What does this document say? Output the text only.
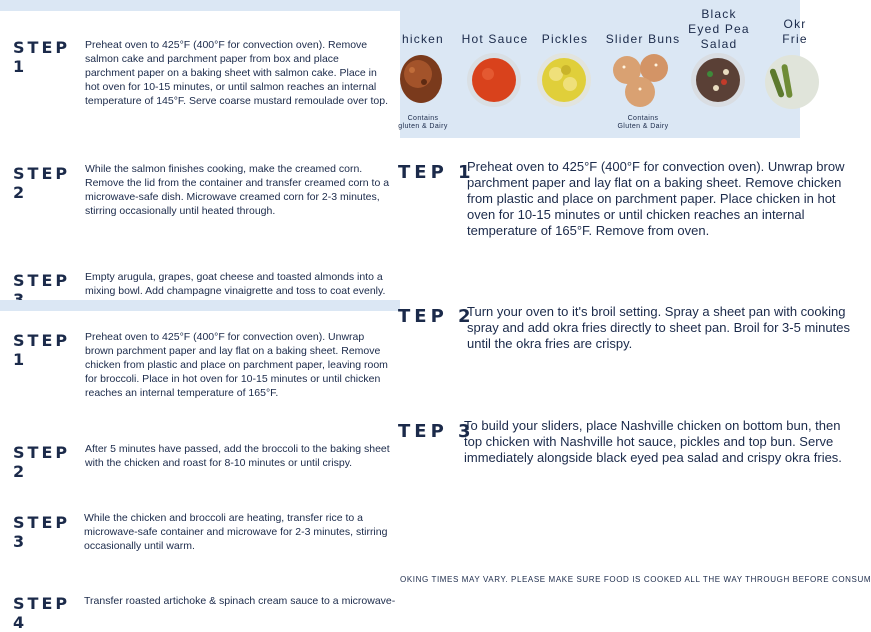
STEP 1
Preheat oven to 425°F (400°F for convection oven). Remove salmon cake and parchment paper from box and place parchment paper on a baking sheet with salmon cake. Place in hot oven for 10-15 minutes, or until salmon reaches an internal temperature of 145°F. Serve coarse mustard remoulade over top.
STEP 2
While the salmon finishes cooking, make the creamed corn. Remove the lid from the container and transfer creamed corn to a microwave-safe dish. Microwave creamed corn for 2-3 minutes, stirring occasionally until heated through.
STEP Empty arugula, grapes, goat cheese and toasted almonds into a mixing bowl. Add champagne vinaigrette and toss to coat evenly.
STEP 1
Preheat oven to 425°F (400°F for convection oven). Unwrap brown parchment paper and lay flat on a baking sheet. Remove chicken from plastic and place on parchment paper, leaving room for broccoli. Place in hot oven for 10-15 minutes or until chicken reaches an internal temperature of 165°F.
STEP 2
After 5 minutes have passed, add the broccoli to the baking sheet with the chicken and roast for 8-10 minutes or until crispy.
STEP 3
While the chicken and broccoli are heating, transfer rice to a microwave-safe container and microwave for 2-3 minutes, stirring occasionally until warm.
STEP 4
Transfer roasted artichoke & spinach cream sauce to a microwave-
hicken
Contains
gluten & Dairy
Hot Sauce	Pickles	Slider Buns
Contains
Gluten & Dairy
Black
Eyed Pea
Salad
Okr
Frie
TEP 1
Preheat oven to 425°F (400°F for convection oven). Unwrap brow
parchment paper and lay flat on a baking sheet. Remove chicken
from plastic and place on parchment paper. Place chicken in hot
oven for 10-15 minutes or until chicken reaches an internal
temperature of 165°F. Remove from oven.
TEP 2
Turn your oven to it's broil setting. Spray a sheet pan with cooking
spray and add okra fries directly to sheet pan. Broil for 3-5 minutes
until the okra fries are crispy.
TEP 3
To build your sliders, place Nashville chicken on bottom bun, then
top chicken with Nashville hot sauce, pickles and top bun. Serve
immediately alongside black eyed pea salad and crispy okra fries.
OKING TIMES MAY VARY. PLEASE MAKE SURE FOOD IS COOKED ALL THE WAY THROUGH BEFORE CONSUM
